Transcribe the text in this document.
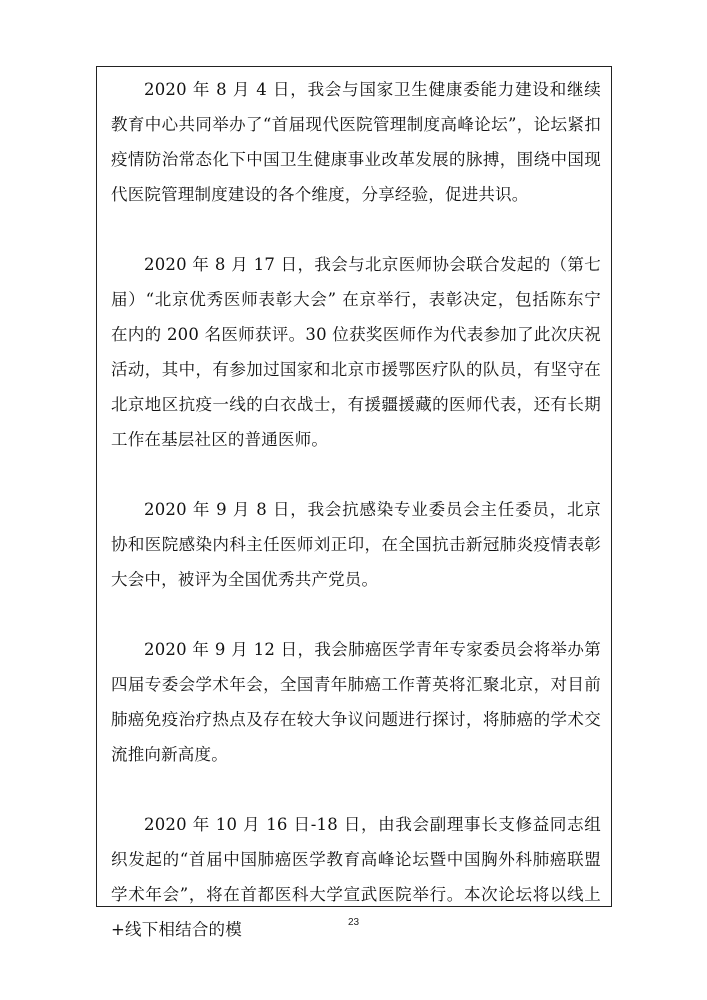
2020 年 8 月 4 日，我会与国家卫生健康委能力建设和继续教育中心共同举办了“首届现代医院管理制度高峰论坛”，论坛紧扣疫情防治常态化下中国卫生健康事业改革发展的脉搏，围绕中国现代医院管理制度建设的各个维度，分享经验，促进共识。

2020 年 8 月 17 日，我会与北京医师协会联合发起的（第七届）“北京优秀医师表彰大会” 在京举行，表彰决定，包括陈东宁在内的 200 名医师获评。30 位获奖医师作为代表参加了此次庆祝活动，其中，有参加过国家和北京市援鄂医疗队的队员，有坚守在北京地区抗疫一线的白衣战士，有援疆援藏的医师代表，还有长期工作在基层社区的普通医师。

2020 年 9 月 8 日，我会抗感染专业委员会主任委员，北京协和医院感染内科主任医师刘正印，在全国抗击新冠肺炎疫情表彰大会中，被评为全国优秀共产党员。

2020 年 9 月 12 日，我会肺癌医学青年专家委员会将举办第四届专委会学术年会，全国青年肺癌工作菁英将汇聚北京，对目前肺癌免疫治疗热点及存在较大争议问题进行探讨，将肺癌的学术交流推向新高度。

2020 年 10 月 16 日-18 日，由我会副理事长支修益同志组织发起的“首届中国肺癌医学教育高峰论坛暨中国胸外科肺癌联盟学术年会”，将在首都医科大学宣武医院举行。本次论坛将以线上+线下相结合的模	23
